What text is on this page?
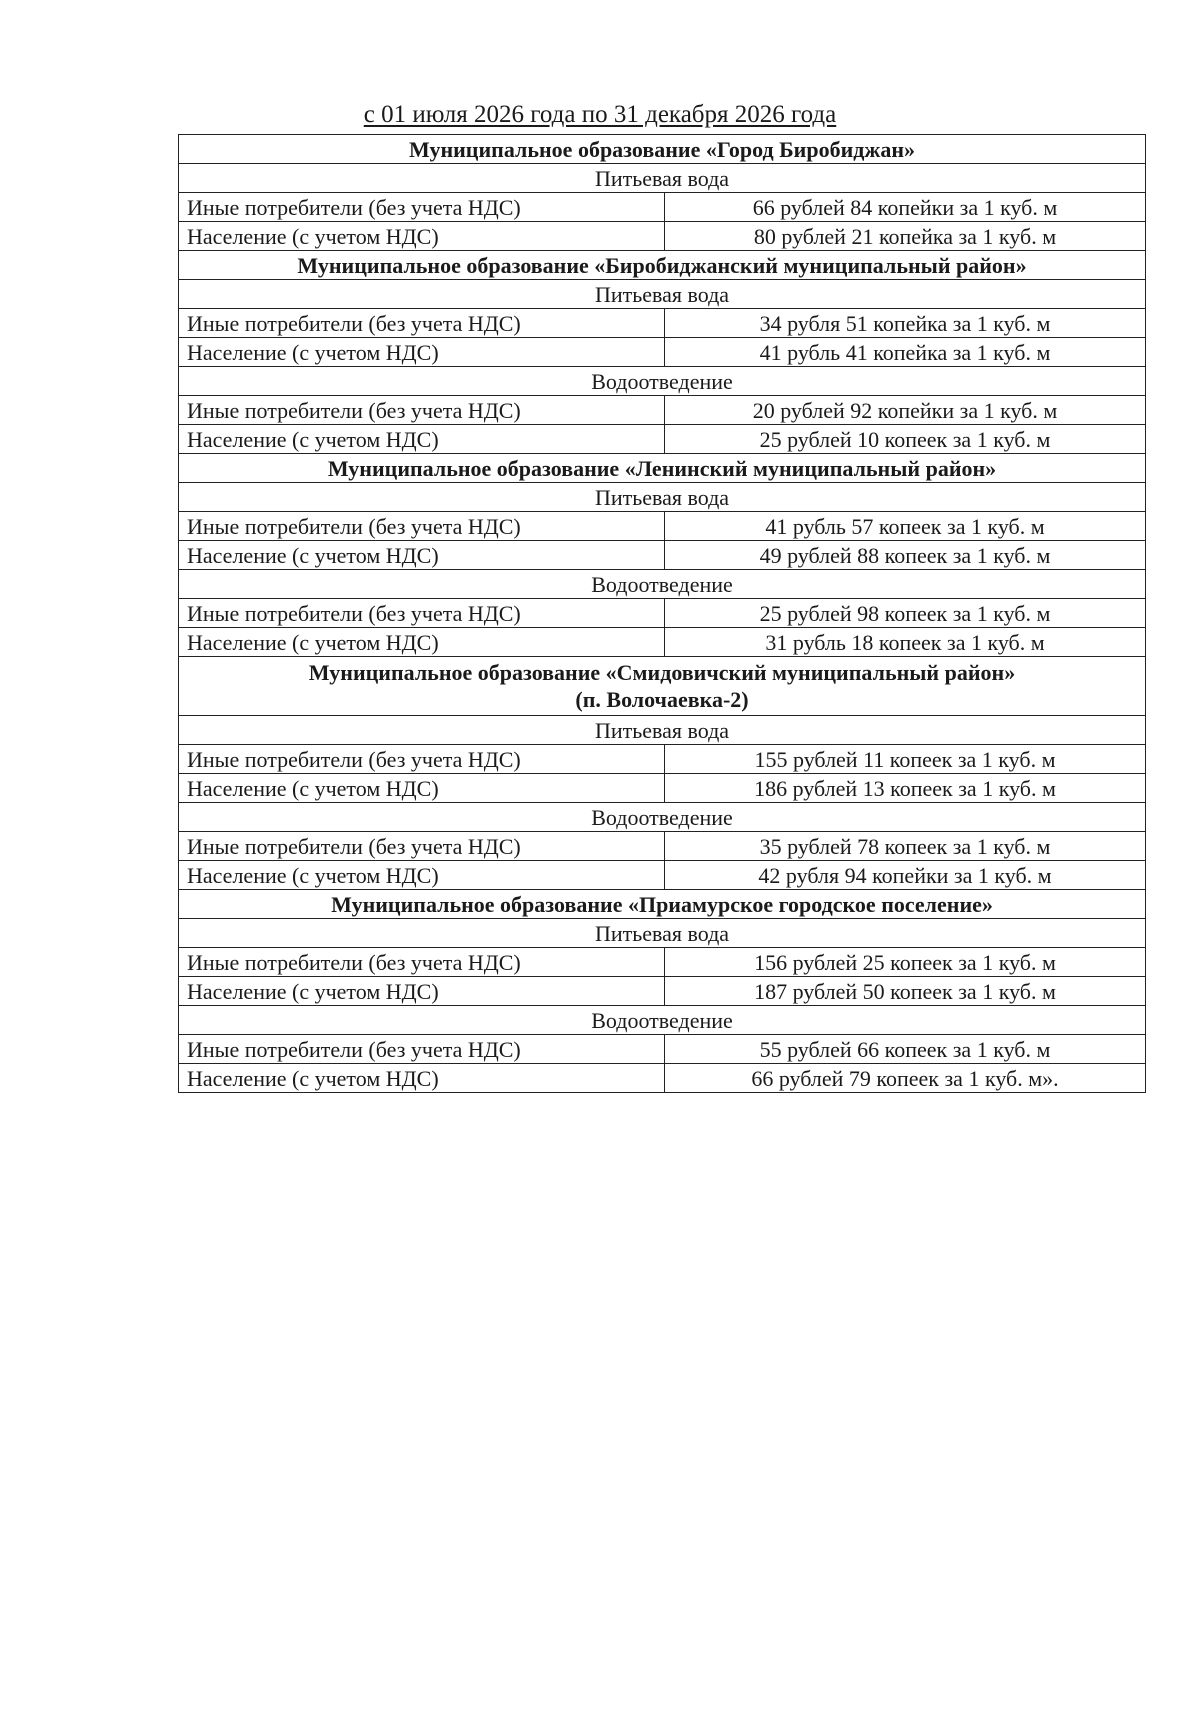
с 01 июля 2026 года по 31 декабря 2026 года
Муниципальное образование «Город Биробиджан»	

Питьевая вода	
Иные потребители (без учета НДС)	66 рублей 84 копейки за 1 куб. м
Население (с учетом НДС)	80 рублей 21 копейка за 1 куб. м

Муниципальное образование «Биробиджанский муниципальный район»	

Питьевая вода	
Иные потребители (без учета НДС)	34 рубля 51 копейка за 1 куб. м
Население (с учетом НДС)	41 рубль 41 копейка за 1 куб. м
Водоотведение	
Иные потребители (без учета НДС)	20 рублей 92 копейки за 1 куб. м
Население (с учетом НДС)	25 рублей 10 копеек за 1 куб. м

Муниципальное образование «Ленинский муниципальный район»	

Питьевая вода	
Иные потребители (без учета НДС)	41 рубль 57 копеек за 1 куб. м
Население (с учетом НДС)	49 рублей 88 копеек за 1 куб. м
Водоотведение	
Иные потребители (без учета НДС)	25 рублей 98 копеек за 1 куб. м
Население (с учетом НДС)	31 рубль 18 копеек за 1 куб. м

Муниципальное образование «Смидовичский муниципальный район»
(п. Волочаевка-2)	

Питьевая вода	
Иные потребители (без учета НДС)	155 рублей 11 копеек за 1 куб. м
Население (с учетом НДС)	186 рублей 13 копеек за 1 куб. м
Водоотведение	
Иные потребители (без учета НДС)	35 рублей 78 копеек за 1 куб. м
Население (с учетом НДС)	42 рубля 94 копейки за 1 куб. м

Муниципальное образование «Приамурское городское поселение»	

Питьевая вода	
Иные потребители (без учета НДС)	156 рублей 25 копеек за 1 куб. м
Население (с учетом НДС)	187 рублей 50 копеек за 1 куб. м
Водоотведение	
Иные потребители (без учета НДС)	55 рублей 66 копеек за 1 куб. м
Население (с учетом НДС)	66 рублей 79 копеек за 1 куб. м».
